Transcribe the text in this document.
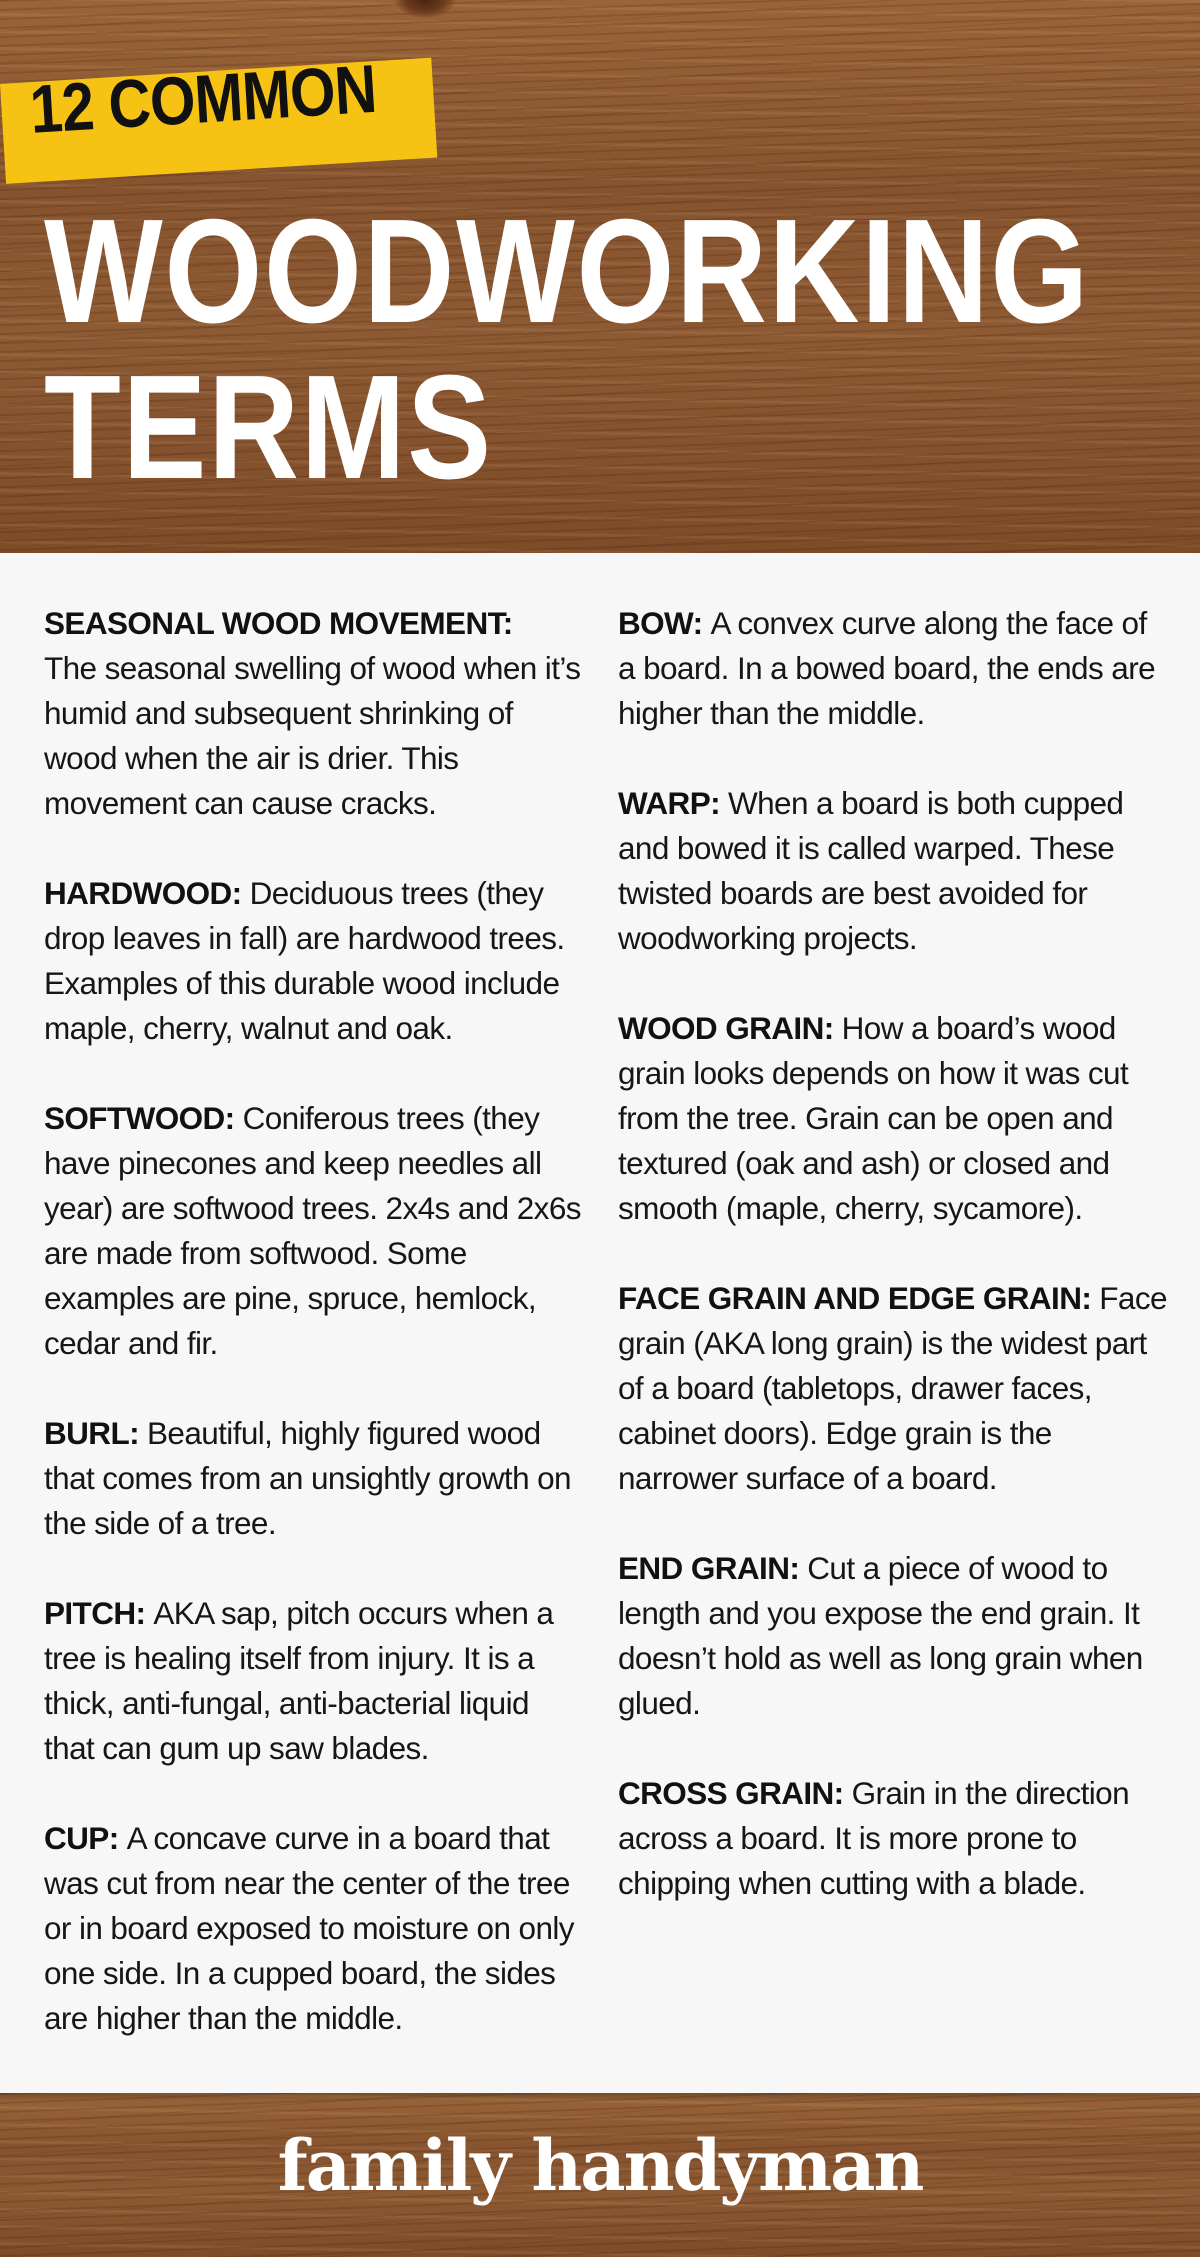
12 COMMON
WOODWORKING
TERMS

SEASONAL WOOD MOVEMENT:
The seasonal swelling of wood when it’s humid and subsequent shrinking of wood when the air is drier. This movement can cause cracks.

HARDWOOD: Deciduous trees (they drop leaves in fall) are hardwood trees. Examples of this durable wood include maple, cherry, walnut and oak.

SOFTWOOD: Coniferous trees (they have pinecones and keep needles all year) are softwood trees. 2x4s and 2x6s are made from softwood. Some examples are pine, spruce, hemlock, cedar and fir.

BURL: Beautiful, highly figured wood that comes from an unsightly growth on the side of a tree.

PITCH: AKA sap, pitch occurs when a tree is healing itself from injury. It is a thick, anti-fungal, anti-bacterial liquid that can gum up saw blades.

CUP: A concave curve in a board that was cut from near the center of the tree or in board exposed to moisture on only one side. In a cupped board, the sides are higher than the middle.

BOW: A convex curve along the face of a board. In a bowed board, the ends are higher than the middle.

WARP: When a board is both cupped and bowed it is called warped. These twisted boards are best avoided for woodworking projects.

WOOD GRAIN: How a board’s wood grain looks depends on how it was cut from the tree. Grain can be open and textured (oak and ash) or closed and smooth (maple, cherry, sycamore).

FACE GRAIN AND EDGE GRAIN: Face grain (AKA long grain) is the widest part of a board (tabletops, drawer faces, cabinet doors). Edge grain is the narrower surface of a board.

END GRAIN: Cut a piece of wood to length and you expose the end grain. It doesn’t hold as well as long grain when glued.

CROSS GRAIN: Grain in the direction across a board. It is more prone to chipping when cutting with a blade.

family handyman
